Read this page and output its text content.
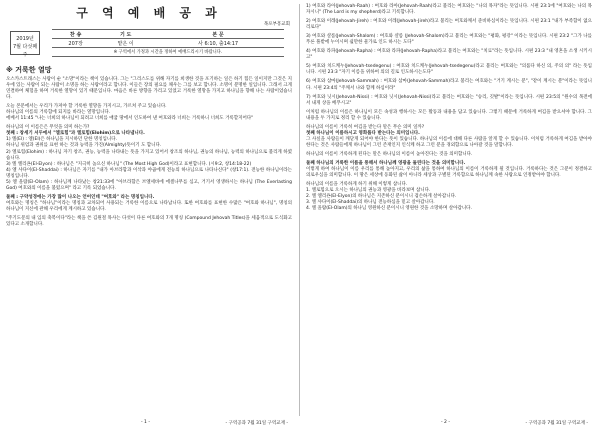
구 역 예 배 공 과

목포부흥교회

2019년
7월 다섯째 주
찬 송	기 도	본 문
207장	맡은 이	사 6:10, 출14:17
※ 구역에서 가정과 시간을 정하여 예배드리시기 바랍니다.		

※ 거룩한 열망

오스카스트래스는 사람이 순 "소망"이라는 책이 있습니다. 그는 "그리스도를 위해 자기를 희생한 것을 포기하는 일은 하기 힘든 일이지만 그것은 지우에 있는 사람이 되는 사람이 소명을 하는 사람이라고 합니다. 이들은 장의 필요를 채우는 그를 보고 합니다. 소명이 분명한 일입니다. 그래서 크게 연결하여 체험을 하며 거룩한 열망이 있기 때문입니다. 마음은 바른 방향을 가리고 있었고 거룩한 열망을 가지고 하나님을 향해 나는 사람이었습니다.

오늘 본문에서는 우리가 가져야 할 거룩한 열망을 가지시고, 가르쳐 주고 있습니다.

하나님의 이름의 거룩함에 되지를 바라는 열망입니다.

에베서 11:45 "나는 너희의 하나님이 되려고 너희를 애굽 땅에서 인도하여 낸 여호와라 너희는 거룩하니 너희도 거룩할지어다"

하나님의 이 이름은은 무엇을 의미 하는가?

첫째 : 창세기 서두에서 "엘로힘"과 엘로힘(Elohim)으로 나타냅니다.

1) 엘(El) : 엘(El)은 하나님을 지시하던 단한 명칭입니다.

하나님 위엄과 권위를 표현 하는 것과 능력을 가진(Almighty)뜻이기 도 합니다.

2) 엘로힘(Elohim) : 하나님 자기 창조, 권능, 능력을 나타내는 뜻을 가지고 있어서 창조의 하나님, 권능의 하나님, 능력의 하나님으로 불리게 하였습니다.

3) 엘 엘리욘(El-Elyon) : 하나님은 "지극히 높으신 하나님" (The Most High God)이라고 표현합니다. (시9:2, 창14:18-22)

4) 엘 샤다이(El-Shaddai) : 하나님은 자기를 "내가 아브라함과 이삭과 야곱에게 전능의 하나님으로 나타나신다" (창17:1). 전능한 하나님이라는 명칭입니다.

5) 엘 올람(El-Olam) : 하나님께 나타났는 창21:33에 "아브라함은 브엘세바에 에셀나무를 심고, 거기서 영생하시는 하나님 (The Everlasting God) 여호와의 이름을 불렀으며" 라고 기록 되었습니다.

둘째 : 구약성경에는 가장 많이 나오는 언어인데 "여호와" 라는 명칭입니다.

여호와는 명칭은 "하나님"이라는 명칭과 교차되어 사용되는 거룩한 이름으로 나타납니다. 또한 여호와를 표현한 수많은 "여호와 하나님", 명칭의 하나님이 지신에 관해 우리에게 계시하고 있습니다.

"주기도문의 내 입의 축복이다"라는 책을 쓴 김원철 목사는 다섯이 다른 여호와의 7개 명칭 (Compound Jehovah Titles)을 세움적으로 도식화고 있다고 소개합니다.

- 1 -	- 구역공과 7월 31일 구역교재 -

1) 여호와 라아(Jehovah-Raah) : 여호와 라아(Jehovah-Raah)라고 불리는 여호와는 "나의 목자"라는 뜻입니다. 시편 23:1에 "여호와는 나의 목자시니" (The Lord is my shepherd)라고 기록합니다.

2) 여호와 이레(Jehovah-Jireh) : 여호와 이레(Jehovah-Jireh)라고 불리는 여호와께서 준비하심이라는 뜻입니다. 시편 23:1 "내가 부족함이 없으리로다"

3) 여호와 샬롬(Jehovah-Shalom) : 여호와 샬롬 (Jehovah-Shalom)라고 불리는 여호와는 "평화, 평강" 이라는 뜻입니다. 시편 23:2 "그가 나를 푸른 풀밭에 누이시며 쉴만한 물가로 인도 하시는 도다"

4) 여호와 라파(Jehovah-Rapha) : 여호와 라파(Jehovah-Rapha)라고 불리는 여호와는 "치료"라는 뜻입니다. 시편 23:3 "내 영혼을 소생 시키시고"

5) 여호와 치드케누(Jehovah-tsedegenu) : 여호와 치드케누(Jehovah-tsedegenu)라고 불리는 여호와는 "의롭다 하신 의, 주의 의" 라는 뜻입니다. 시편 23:3 "자기 이름을 위하여 의의 길로 인도하시는도다"

6) 여호와 삼마(Jehovah-Sammah) : 여호와 삼마(Jehovah-Sammah)라고 불리는 여호와는 "거기 계시는 분", "같이 계시는 분"이라는 뜻입니다. 시편 23:4의 "주께서 나와 함께 하심이라"

7) 여호와 닛시(Jehovah-Nissi) : 여호와 닛시(Jehovah-Nissi)라고 불리는 여호와는 "승리, 깃발"이라는 뜻입니다. 시편 23:5의 "원수의 목전에서 내게 상을 베푸시고"

이처럼 하나님의 이름은 하나님이 모든 속성과 행하시는 모든 활동과 내용을 담고 있습니다. 그렇기 때문에 거룩하게 여김을 받으셔야 합니다. 그 내용을 두 가지로 정리 할 수 있습니다.

하나님의 이름이 거룩히 여김을 받는다 말은 무슨 의미 일까?

첫째 하나님이 이름하시고 영화롭다 받는다는 의미입니다.

그 사실을 사람들이 깨닫게 되어야 한다는 뜻이 있습니다. 하나님의 이름에 대해 다른 사람을 알게 할 수 있습니다. 이처럼 거룩하게 여김을 받아야 한다는 것은 사람들에게 하나님이 그런 존재인지 인식케 하고 그런 분을 경외함으로 나아갈 것을 말합니다.

하나님의 이름이 거룩하게 된다는 말은 하나님의 이름이 높아진다는 것을 의미합니다.

둘째 하나님의 거룩한 이름을 통해서 하나님께 영광을 돌린다는 것을 의미합니다.

이렇게 하여 하나님이 이름 우리를 통해 높아지고, 우리의 삶을 통하여 하나님의 이름이 거룩하게 될 것입니다. 거룩하다는 것은 그분이 정결하고 의로우심을 의미합니다. 이 땅은 세상에 동화된 삶이 아니라 세상과 구별된 거룩함으로 하나님께 속한 사람으로 인정받아야 합니다.

하나님의 이름을 거룩하게 하기 위해 이렇게 삽니다.

1. 엘로힘으로 오시는 하나님의 권능과 영광을 바라보며 삽니다.

2. 엘 엘리욘(El-Elyon)의 하나님은 지존하신 분이시니 겸손하게 살아갑니다.

3. 엘 샤다이(El-Shaddai)의 하나님 전능하심을 믿고 살아갑니다.

4. 엘 올람(El-Olam)의 하나님 영원하신 분이시니 영원한 것을 소망하며 살아갑니다.

- 2 -	- 구역공과 7월 31일 구역교재 -
